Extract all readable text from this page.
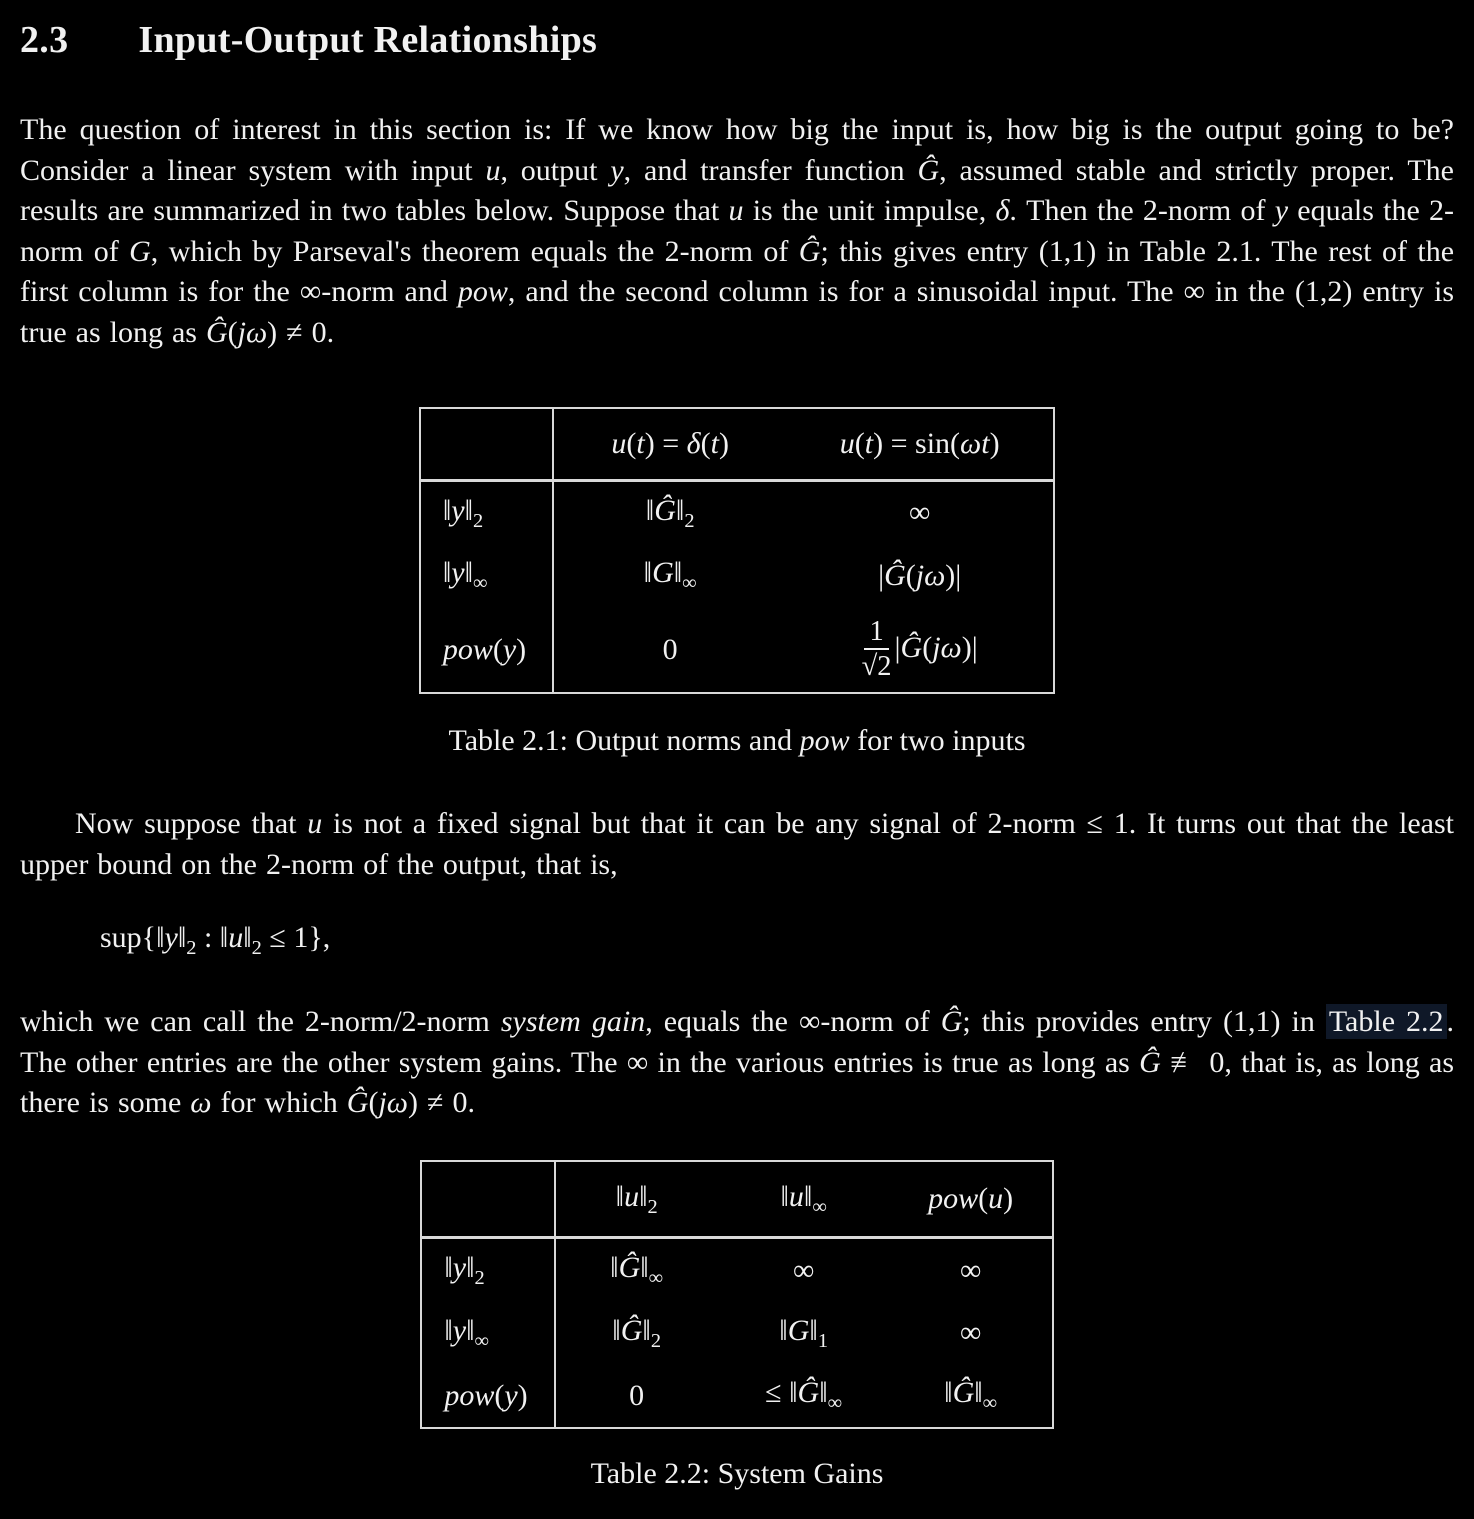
2.3 Input-Output Relationships

The question of interest in this section is: If we know how big the input is, how big is the output going to be? Consider a linear system with input u, output y, and transfer function Ĝ, assumed stable and strictly proper. The results are summarized in two tables below. Suppose that u is the unit impulse, δ. Then the 2-norm of y equals the 2-norm of G, which by Parseval's theorem equals the 2-norm of Ĝ; this gives entry (1,1) in Table 2.1. The rest of the first column is for the ∞-norm and pow, and the second column is for a sinusoidal input. The ∞ in the (1,2) entry is true as long as Ĝ(jω) ≠ 0.

	u(t) = δ(t)	u(t) = sin(ωt)
$‖y‖_2$	$‖Ĝ‖_2$	∞
$‖y‖_\infty$	$‖G‖_\infty$	|Ĝ(jω)|
pow(y)	0	$\frac{1}{√2}$ |Ĝ(jω)|
Table 2.1: Output norms and pow for two inputs

Now suppose that u is not a fixed signal but that it can be any signal of 2-norm ≤ 1. It turns out that the least upper bound on the 2-norm of the output, that is,

$sup\{‖y‖_2$ : $‖u‖_2 \le 1$},

which we can call the 2-norm/2-norm system gain, equals the ∞-norm of Ĝ; this provides entry (1,1) in Table 2.2 . The other entries are the other system gains. The ∞ in the various entries is true as long as Ĝ ≢ 0, that is, as long as there is some ω for which Ĝ(jω) ≠ 0.

	$‖u‖_2$	$‖u‖_\infty$	pow(u)
$‖y‖_2$	$‖Ĝ‖_\infty$	∞	∞
$‖y‖_\infty$	$‖Ĝ‖_2$	$‖G‖_1$	∞
pow(y)	0	≤ $‖Ĝ‖_\infty$	$‖Ĝ‖_\infty$
Table 2.2: System Gains
